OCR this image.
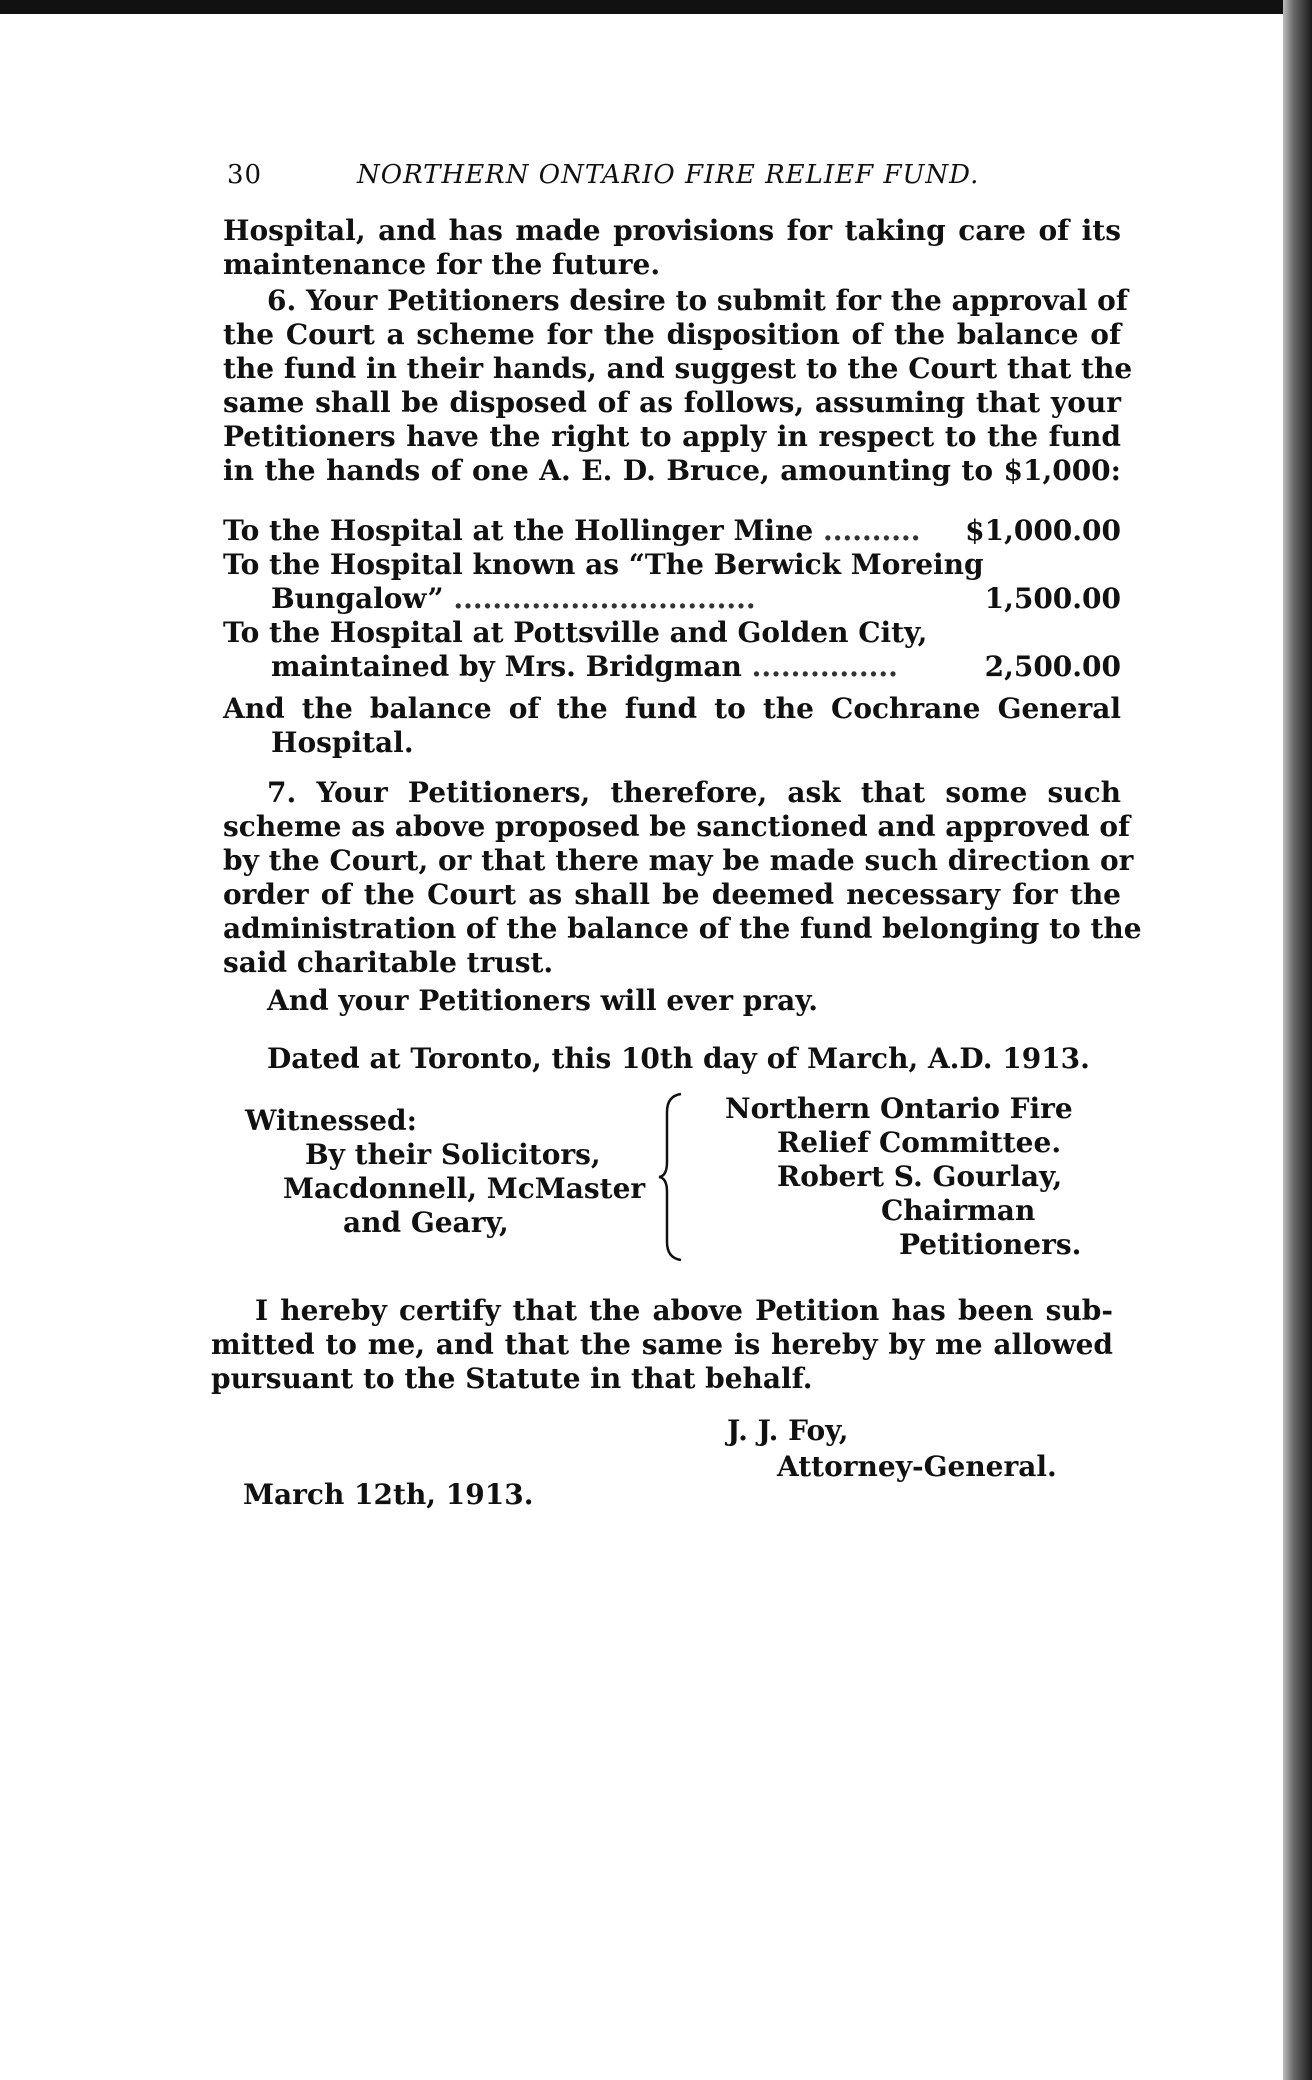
30	NORTHERN ONTARIO FIRE RELIEF FUND.
Hospital, and has made provisions for taking care of its
maintenance for the future.
6. Your Petitioners desire to submit for the approval of
the Court a scheme for the disposition of the balance of
the fund in their hands, and suggest to the Court that the
same shall be disposed of as follows, assuming that your
Petitioners have the right to apply in respect to the fund
in the hands of one A. E. D. Bruce, amounting to $1,000:
To the Hospital at the Hollinger Mine .......... $1,000.00
To the Hospital known as “The Berwick Moreing
Bungalow” ...............................	1,500.00
To the Hospital at Pottsville and Golden City,
maintained by Mrs. Bridgman ...............	2,500.00
And the balance of the fund to the Cochrane General
Hospital.
7. Your Petitioners, therefore, ask that some such
scheme as above proposed be sanctioned and approved of
by the Court, or that there may be made such direction or
order of the Court as shall be deemed necessary for the
administration of the balance of the fund belonging to the
said charitable trust.
And your Petitioners will ever pray.
Dated at Toronto, this 10th day of March, A.D. 1913.
Witnessed:
By their Solicitors,
Macdonnell, McMaster
and Geary,
Northern Ontario Fire
Relief Committee.
Robert S. Gourlay,
Chairman
Petitioners.
I hereby certify that the above Petition has been sub-
mitted to me, and that the same is hereby by me allowed
pursuant to the Statute in that behalf.
J. J. Foy,
Attorney-General.
March 12th, 1913.
